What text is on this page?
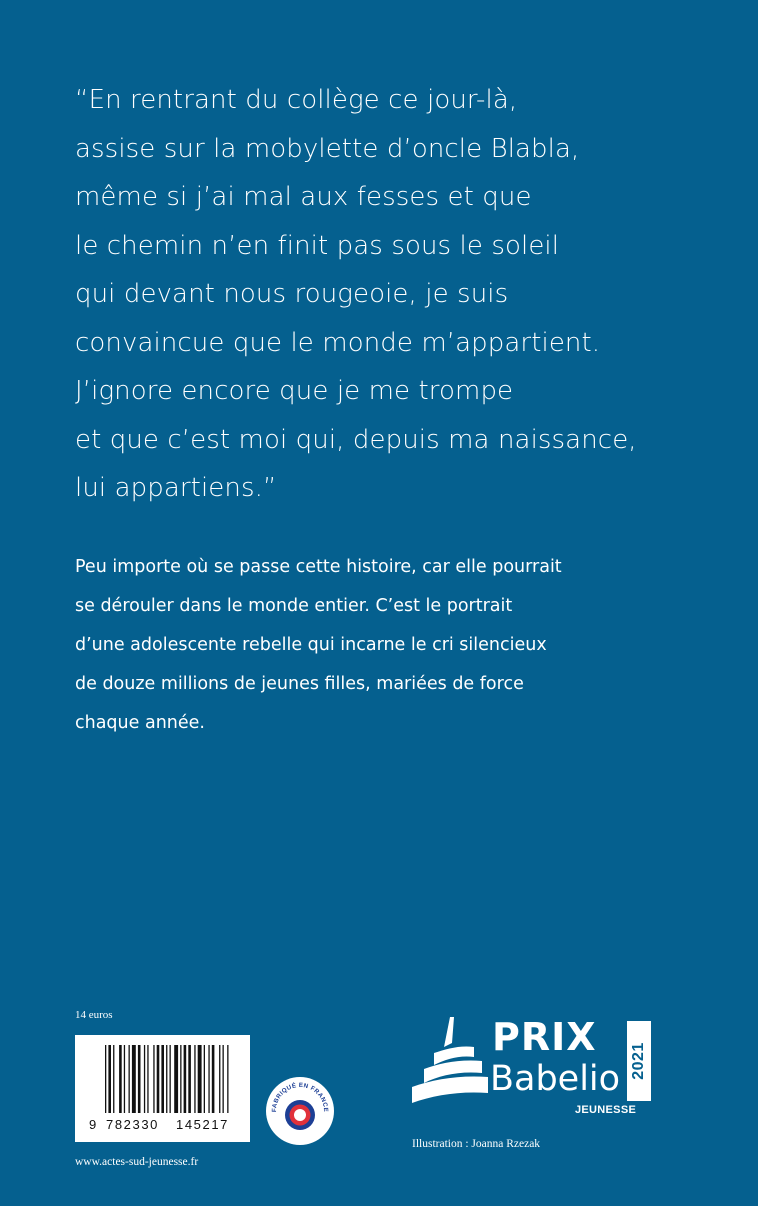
“En rentrant du collège ce jour-là,
assise sur la mobylette d’oncle Blabla,
même si j’ai mal aux fesses et que
le chemin n’en finit pas sous le soleil
qui devant nous rougeoie, je suis
convaincue que le monde m’appartient.
J’ignore encore que je me trompe
et que c’est moi qui, depuis ma naissance,
lui appartiens.”
Peu importe où se passe cette histoire, car elle pourrait
se dérouler dans le monde entier. C’est le portrait
d’une adolescente rebelle qui incarne le cri silencieux
de douze millions de jeunes filles, mariées de force
chaque année.
14 euros
9 782330 145217
www.actes-sud-jeunesse.fr
FABRIQUÉ EN FRANCE
PRIX
Babelio 2021
JEUNESSE
Illustration : Joanna Rzezak
